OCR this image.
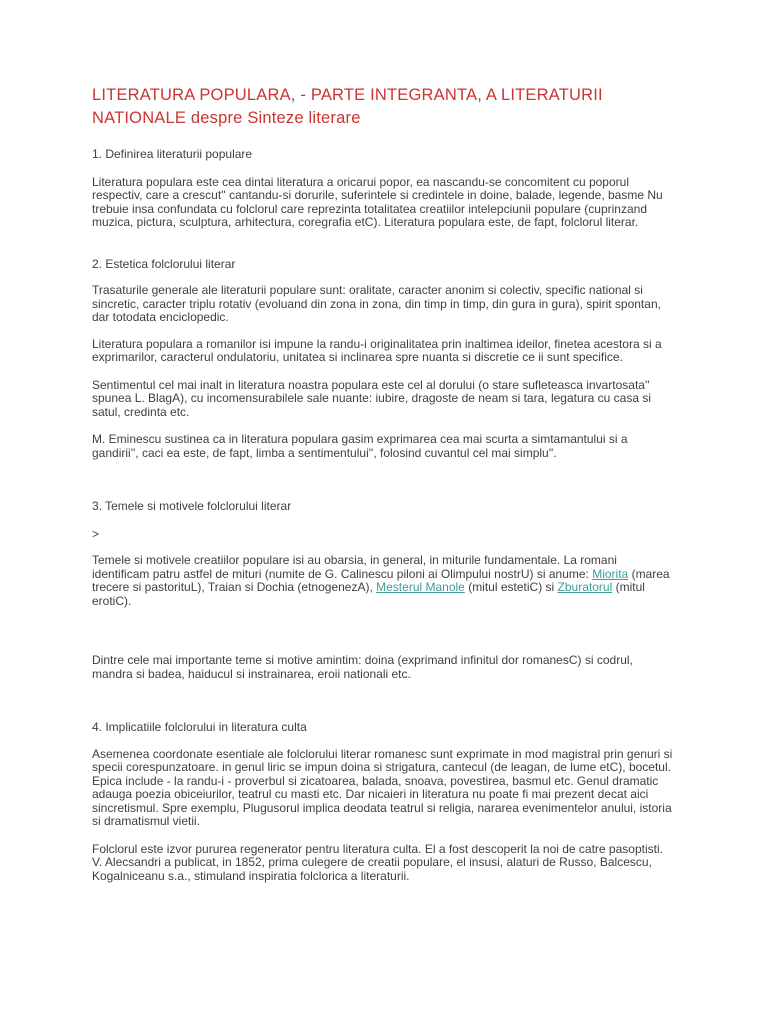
LITERATURA POPULARA, - PARTE INTEGRANTA, A LITERATURII NATIONALE despre Sinteze literare

1. Definirea literaturii populare

Literatura populara este cea dintai literatura a oricarui popor, ea nascandu-se concomitent cu poporul respectiv, care a crescut'' cantandu-si dorurile, suferintele si credintele in doine, balade, legende, basme Nu trebuie insa confundata cu folclorul care reprezinta totalitatea creatiilor intelepciunii populare (cuprinzand muzica, pictura, sculptura, arhitectura, coregrafia etC). Literatura populara este, de fapt, folclorul literar.

2. Estetica folclorului literar

Trasaturile generale ale literaturii populare sunt: oralitate, caracter anonim si colectiv, specific national si sincretic, caracter triplu rotativ (evoluand din zona in zona, din timp in timp, din gura in gura), spirit spontan, dar totodata enciclopedic.

Literatura populara a romanilor isi impune la randu-i originalitatea prin inaltimea ideilor, finetea acestora si a exprimarilor, caracterul ondulatoriu, unitatea si inclinarea spre nuanta si discretie ce ii sunt specifice.

Sentimentul cel mai inalt in literatura noastra populara este cel al dorului (o stare sufleteasca invartosata'' spunea L. BlagA), cu incomensurabilele sale nuante: iubire, dragoste de neam si tara, legatura cu casa si satul, credinta etc.

M. Eminescu sustinea ca in literatura populara gasim exprimarea cea mai scurta a simtamantului si a gandirii'', caci ea este, de fapt, limba a sentimentului'', folosind cuvantul cel mai simplu''.

3. Temele si motivele folclorului literar

>

Temele si motivele creatiilor populare isi au obarsia, in general, in miturile fundamentale. La romani identificam patru astfel de mituri (numite de G. Calinescu piloni ai Olimpului nostrU) si anume: Miorita (marea trecere si pastorituL), Traian si Dochia (etnogenezA), Mesterul Manole (mitul estetiC) si Zburatorul (mitul erotiC).

Dintre cele mai importante teme si motive amintim: doina (exprimand infinitul dor romanesC) si codrul, mandra si badea, haiducul si instrainarea, eroii nationali etc.

4. Implicatiile folclorului in literatura culta

Asemenea coordonate esentiale ale folclorului literar romanesc sunt exprimate in mod magistral prin genuri si specii corespunzatoare. in genul liric se impun doina si strigatura, cantecul (de leagan, de lume etC), bocetul. Epica include - la randu-i - proverbul si zicatoarea, balada, snoava, povestirea, basmul etc. Genul dramatic adauga poezia obiceiurilor, teatrul cu masti etc. Dar nicaieri in literatura nu poate fi mai prezent decat aici sincretismul. Spre exemplu, Plugusorul implica deodata teatrul si religia, nararea evenimentelor anului, istoria si dramatismul vietii.

Folclorul este izvor pururea regenerator pentru literatura culta. El a fost descoperit la noi de catre pasoptisti. V. Alecsandri a publicat, in 1852, prima culegere de creatii populare, el insusi, alaturi de Russo, Balcescu, Kogalniceanu s.a., stimuland inspiratia folclorica a literaturii.
